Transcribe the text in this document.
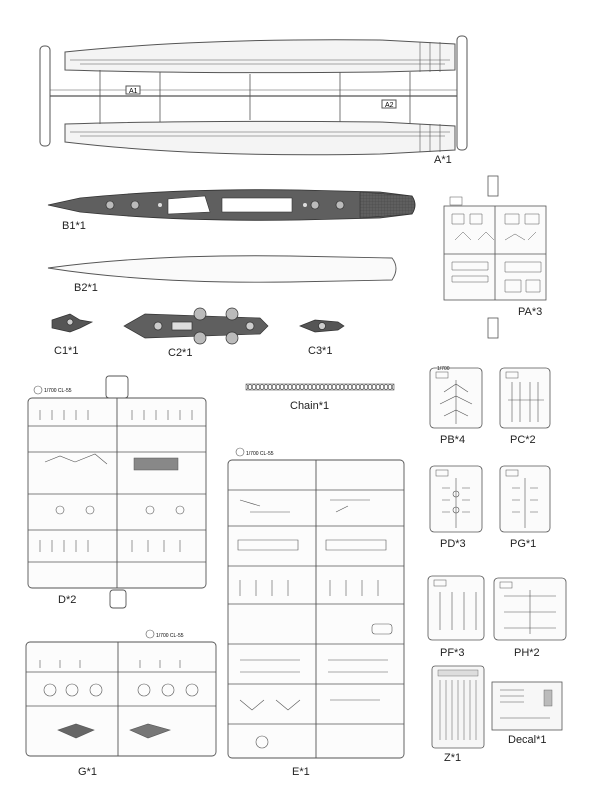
A1
A2
1/700 CL-55
1/700 CL-55
1/700 CL-55
A*1
B1*1
B2*1
C1*1	C2*1	C3*1
Chain*1
PA*3
PB*4	PC*2
PD*3	PG*1
PF*3	PH*2
D*2
E*1
G*1
Z*1
Decal*1
1/700
